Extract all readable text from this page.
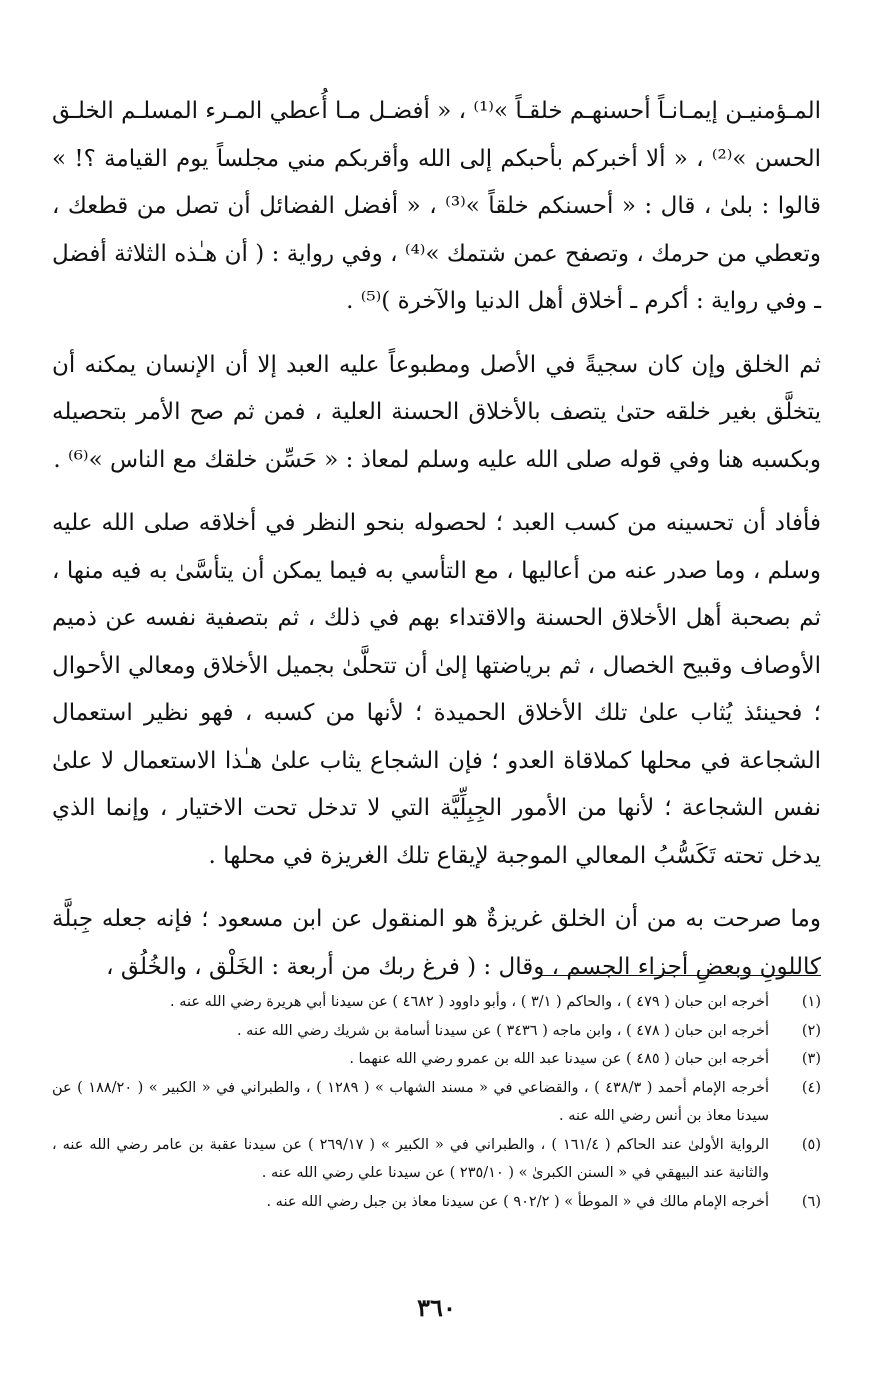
المـؤمنيـن إيمـانـاً أحسنهـم خلقـاً »⁽¹⁾ ، « أفضـل مـا أُعطي المـرء المسلـم الخلـق الحسن »⁽²⁾ ، « ألا أخبركم بأحبكم إلى الله وأقربكم مني مجلساً يوم القيامة ؟! » قالوا : بلىٰ ، قال : « أحسنكم خلقاً »⁽³⁾ ، « أفضل الفضائل أن تصل من قطعك ، وتعطي من حرمك ، وتصفح عمن شتمك »⁽⁴⁾ ، وفي رواية : ( أن هـٰذه الثلاثة أفضل ـ وفي رواية : أكرم ـ أخلاق أهل الدنيا والآخرة )⁽⁵⁾ .

ثم الخلق وإن كان سجيةً في الأصل ومطبوعاً عليه العبد إلا أن الإنسان يمكنه أن يتخلَّق بغير خلقه حتىٰ يتصف بالأخلاق الحسنة العلية ، فمن ثم صح الأمر بتحصيله وبكسبه هنا وفي قوله صلى الله عليه وسلم لمعاذ : « حَسِّن خلقك مع الناس »⁽⁶⁾ .

فأفاد أن تحسينه من كسب العبد ؛ لحصوله بنحو النظر في أخلاقه صلى الله عليه وسلم ، وما صدر عنه من أعاليها ، مع التأسي به فيما يمكن أن يتأسَّىٰ به فيه منها ، ثم بصحبة أهل الأخلاق الحسنة والاقتداء بهم في ذلك ، ثم بتصفية نفسه عن ذميم الأوصاف وقبيح الخصال ، ثم برياضتها إلىٰ أن تتحلَّىٰ بجميل الأخلاق ومعالي الأحوال ؛ فحينئذ يُثاب علىٰ تلك الأخلاق الحميدة ؛ لأنها من كسبه ، فهو نظير استعمال الشجاعة في محلها كملاقاة العدو ؛ فإن الشجاع يثاب علىٰ هـٰذا الاستعمال لا علىٰ نفس الشجاعة ؛ لأنها من الأمور الجِبِلِّيَّة التي لا تدخل تحت الاختيار ، وإنما الذي يدخل تحته تَكَسُّبُ المعالي الموجبة لإيقاع تلك الغريزة في محلها .

وما صرحت به من أن الخلق غريزةٌ هو المنقول عن ابن مسعود ؛ فإنه جعله جِبلَّة كاللونِ وبعضِ أجزاء الجسم ، وقال : ( فرغ ربك من أربعة : الخَلْق ، والخُلُق ،

(١)
أخرجه ابن حبان ( ٤٧٩ ) ، والحاكم ( ٣/١ ) ، وأبو داوود ( ٤٦٨٢ ) عن سيدنا أبي هريرة رضي الله عنه .
(٢)
أخرجه ابن حبان ( ٤٧٨ ) ، وابن ماجه ( ٣٤٣٦ ) عن سيدنا أسامة بن شريك رضي الله عنه .
(٣)
أخرجه ابن حبان ( ٤٨٥ ) عن سيدنا عبد الله بن عمرو رضي الله عنهما .
(٤)
أخرجه الإمام أحمد ( ٤٣٨/٣ ) ، والقضاعي في « مسند الشهاب » ( ١٢٨٩ ) ، والطبراني في « الكبير » ( ١٨٨/٢٠ ) عن سيدنا معاذ بن أنس رضي الله عنه .
(٥)
الرواية الأولىٰ عند الحاكم ( ١٦١/٤ ) ، والطبراني في « الكبير » ( ٢٦٩/١٧ ) عن سيدنا عقبة بن عامر رضي الله عنه ، والثانية عند البيهقي في « السنن الكبرىٰ » ( ٢٣٥/١٠ ) عن سيدنا علي رضي الله عنه .
(٦)
أخرجه الإمام مالك في « الموطأ » ( ٩٠٢/٢ ) عن سيدنا معاذ بن جبل رضي الله عنه .
٣٦٠
